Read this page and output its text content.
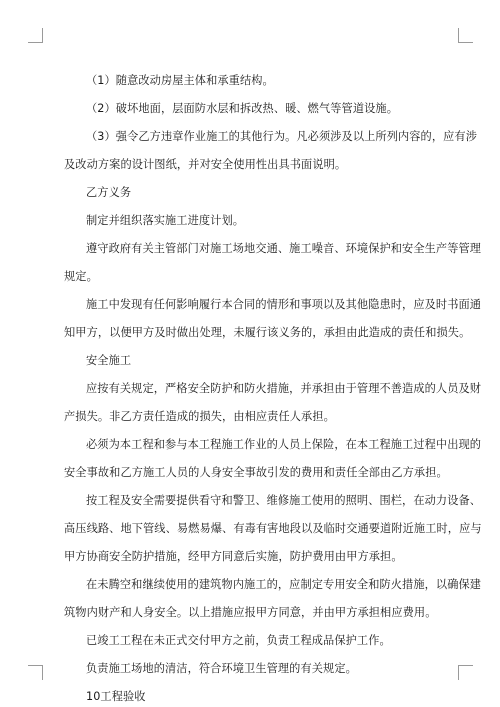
（1）随意改动房屋主体和承重结构。
（2）破坏地面，层面防水层和拆改热、暖、燃气等管道设施。
（3）强令乙方违章作业施工的其他行为。凡必须涉及以上所列内容的，应有涉
及改动方案的设计图纸，并对安全使用性出具书面说明。
乙方义务
制定并组织落实施工进度计划。
遵守政府有关主管部门对施工场地交通、施工噪音、环境保护和安全生产等管理
规定。
施工中发现有任何影响履行本合同的情形和事项以及其他隐患时，应及时书面通
知甲方，以便甲方及时做出处理，未履行该义务的，承担由此造成的责任和损失。
安全施工
应按有关规定，严格安全防护和防火措施，并承担由于管理不善造成的人员及财
产损失。非乙方责任造成的损失，由相应责任人承担。
必须为本工程和参与本工程施工作业的人员上保险，在本工程施工过程中出现的
安全事故和乙方施工人员的人身安全事故引发的费用和责任全部由乙方承担。
按工程及安全需要提供看守和警卫、维修施工使用的照明、围栏，在动力设备、
高压线路、地下管线、易燃易爆、有毒有害地段以及临时交通要道附近施工时，应与
甲方协商安全防护措施，经甲方同意后实施，防护费用由甲方承担。
在未腾空和继续使用的建筑物内施工的，应制定专用安全和防火措施，以确保建
筑物内财产和人身安全。以上措施应报甲方同意，并由甲方承担相应费用。
已竣工工程在未正式交付甲方之前，负责工程成品保护工作。
负责施工场地的清洁，符合环境卫生管理的有关规定。
10工程验收
